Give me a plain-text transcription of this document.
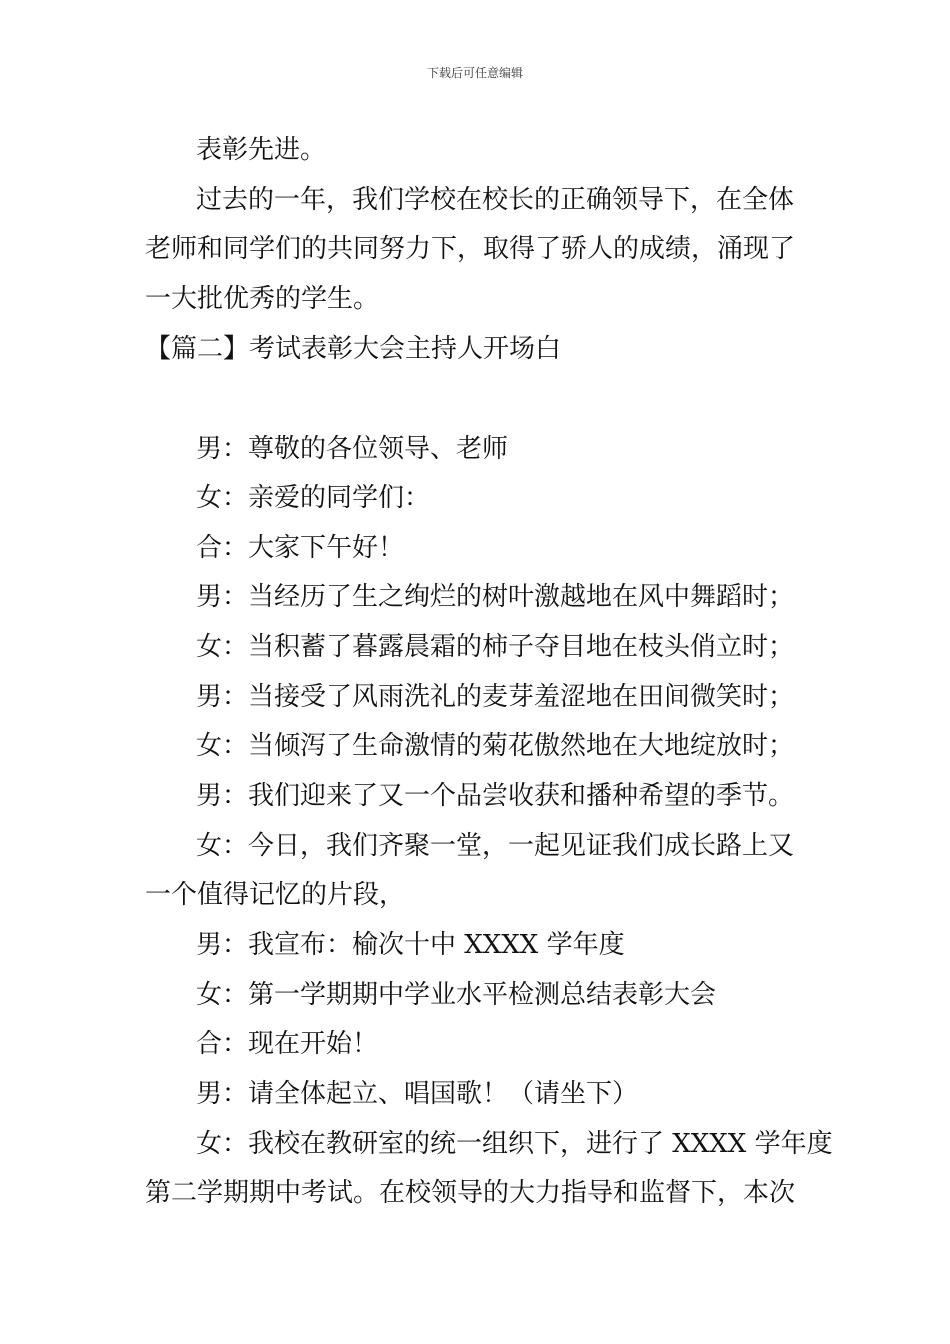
下载后可任意编辑
表彰先进。
过去的一年，我们学校在校长的正确领导下，在全体
老师和同学们的共同努力下，取得了骄人的成绩，涌现了
一大批优秀的学生。
【篇二】考试表彰大会主持人开场白
男：尊敬的各位领导、老师
女：亲爱的同学们：
合：大家下午好！
男：当经历了生之绚烂的树叶激越地在风中舞蹈时；
女：当积蓄了暮露晨霜的柿子夺目地在枝头俏立时；
男：当接受了风雨洗礼的麦芽羞涩地在田间微笑时；
女：当倾泻了生命激情的菊花傲然地在大地绽放时；
男：我们迎来了又一个品尝收获和播种希望的季节。
女：今日，我们齐聚一堂，一起见证我们成长路上又
一个值得记忆的片段，
男：我宣布：榆次十中 XXXX 学年度
女：第一学期期中学业水平检测总结表彰大会
合：现在开始！
男：请全体起立、唱国歌！（请坐下）
女：我校在教研室的统一组织下，进行了 XXXX 学年度
第二学期期中考试。在校领导的大力指导和监督下，本次
